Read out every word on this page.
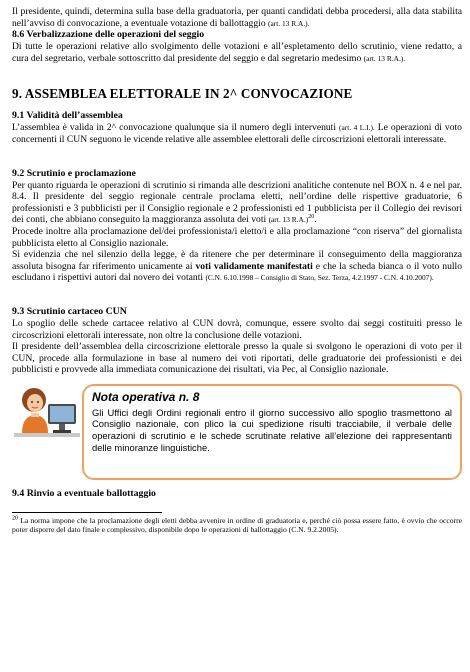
Il presidente, quindi, determina sulla base della graduatoria, per quanti candidati debba procedersi, alla data stabilita nell’avviso di convocazione, a eventuale votazione di ballottaggio (art. 13 R.A.).

8.6 Verbalizzazione delle operazioni del seggio

Di tutte le operazioni relative allo svolgimento delle votazioni e all’espletamento dello scrutinio, viene redatto, a cura del segretario, verbale sottoscritto dal presidente del seggio e dal segretario medesimo (art. 13 R.A.).

9. ASSEMBLEA ELETTORALE IN 2^ CONVOCAZIONE
9.1 Validità dell’assemblea

L’assemblea è valida in 2^ convocazione qualunque sia il numero degli intervenuti (art. 4 L.I.). Le operazioni di voto concernenti il CUN seguono le vicende relative alle assemblee elettorali delle circoscrizioni elettorali interessate.

9.2 Scrutinio e proclamazione

Per quanto riguarda le operazioni di scrutinio si rimanda alle descrizioni analitiche contenute nel BOX n. 4 e nel par. 8.4. Il presidente del seggio regionale centrale proclama eletti, nell’ordine delle rispettive graduatorie, 6 professionisti e 3 pubblicisti per il Consiglio regionale e 2 professionisti ed 1 pubblicista per il Collegio dei revisori dei conti, che abbiano conseguito la maggioranza assoluta dei voti (art. 13 R.A.)$^{20}$.

Procede inoltre alla proclamazione del/dei professionista/i eletto/i e alla proclamazione “con riserva” del giornalista pubblicista eletto al Consiglio nazionale.

Si evidenzia che nel silenzio della legge, è da ritenere che per determinare il conseguimento della maggioranza assoluta bisogna far riferimento unicamente ai voti validamente manifestati e che la scheda bianca o il voto nullo escludano i rispettivi autori dal novero dei votanti (C.N. 6.10.1998 – Consiglio di Stato, Sez. Terza, 4.2.1997 - C.N. 4.10.2007).

9.3 Scrutinio cartaceo CUN

Lo spoglio delle schede cartacee relativo al CUN dovrà, comunque, essere svolto dai seggi costituiti presso le circoscrizioni elettorali interessate, non oltre la conclusione delle votazioni.

Il presidente dell’assemblea della circoscrizione elettorale presso la quale si svolgono le operazioni di voto per il CUN, procede alla formulazione in base al numero dei voti riportati, delle graduatorie dei professionisti e dei pubblicisti e provvede alla immediata comunicazione dei risultati, via Pec, al Consiglio nazionale.

Nota operativa n. 8
Gli Uffici degli Ordini regionali entro il giorno successivo allo spoglio trasmettono al Consiglio nazionale, con plico la cui spedizione risulti tracciabile, il verbale delle operazioni di scrutinio e le schede scrutinate relative all’elezione dei rappresentanti delle minoranze linguistiche.
9.4 Rinvio a eventuale ballottaggio
$^{20}$ La norma impone che la proclamazione degli eletti debba avvenire in ordine di graduatoria e, perché ciò possa essere fatto, è ovvio che occorre poter disporre del dato finale e complessivo, disponibile dopo le operazioni di ballottaggio (C.N. 9.2.2005).
